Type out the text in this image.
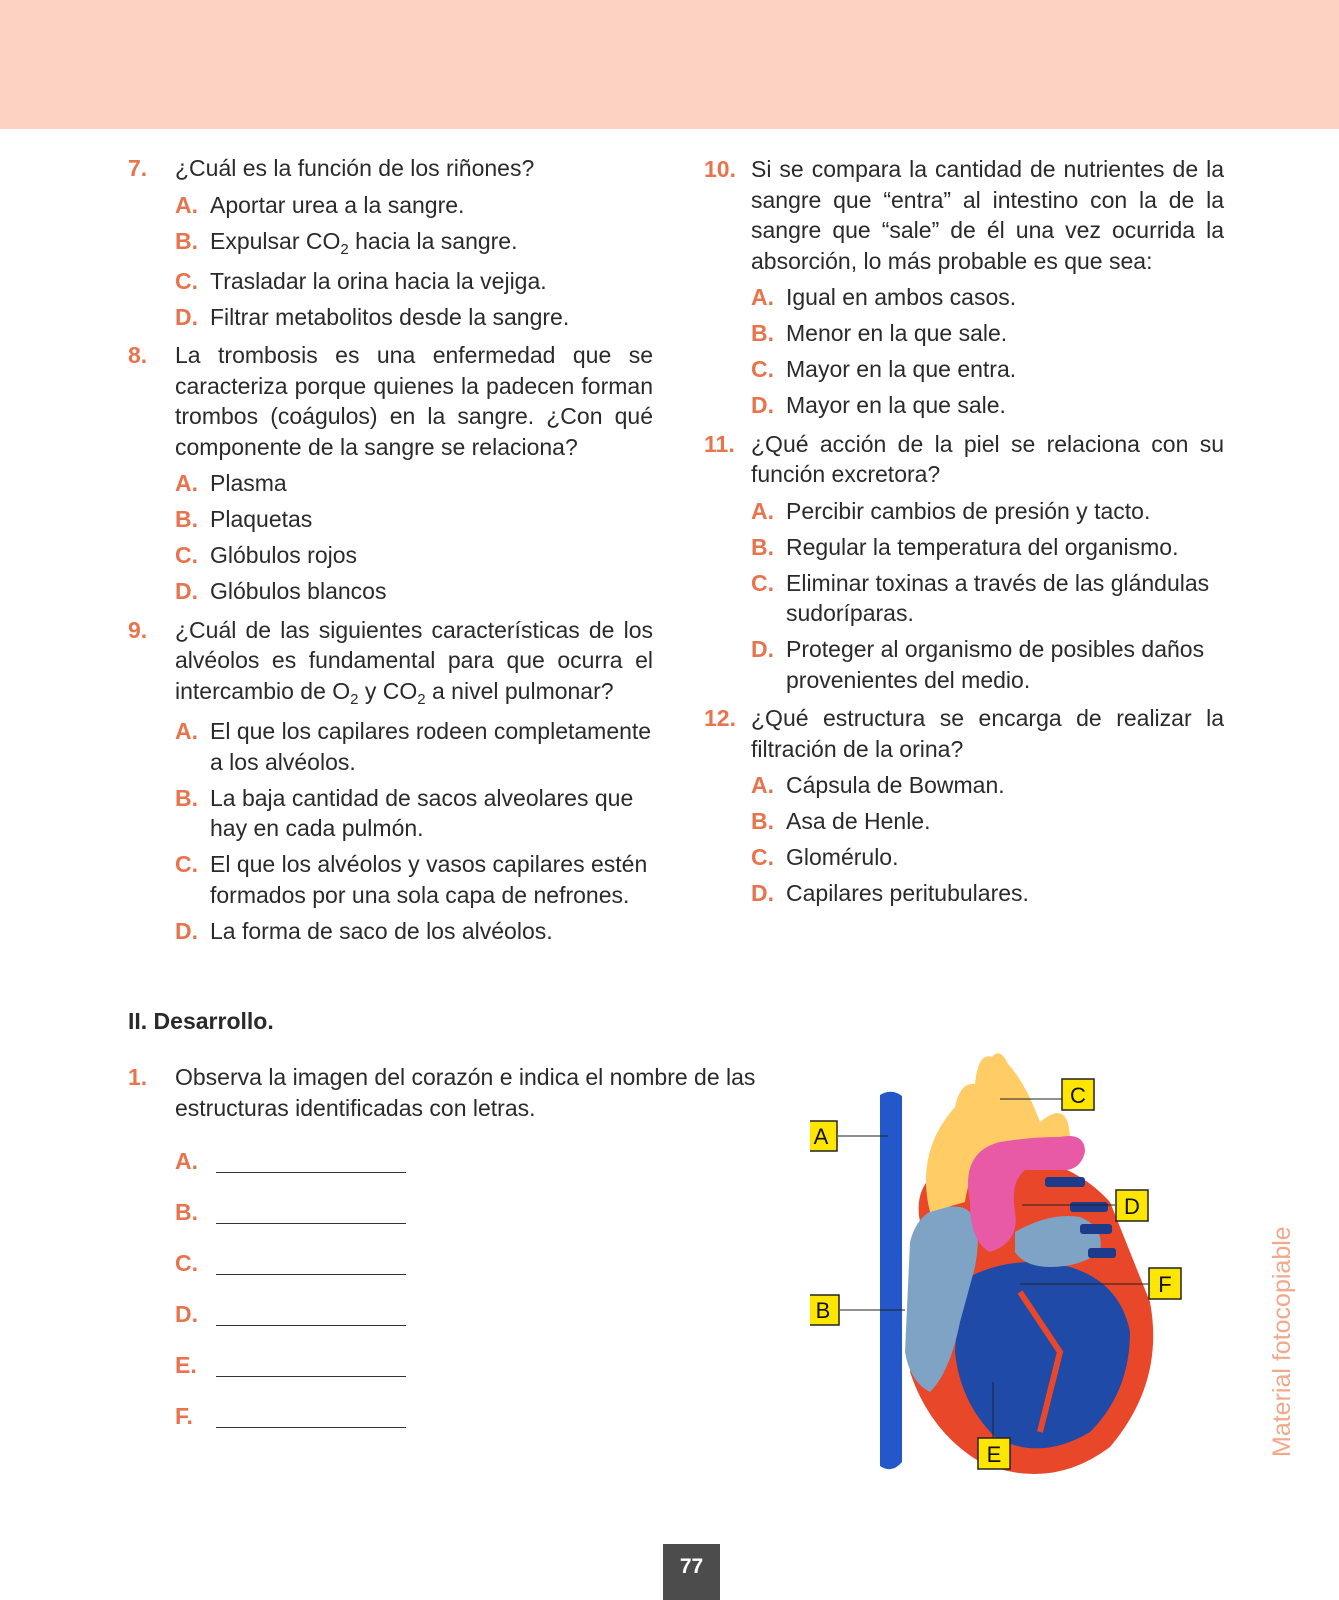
7. ¿Cuál es la función de los riñones?
A. Aportar urea a la sangre.
B. Expulsar $CO_2$ hacia la sangre.
C. Trasladar la orina hacia la vejiga.
D. Filtrar metabolitos desde la sangre.
8. La trombosis es una enfermedad que se caracteriza porque quienes la padecen forman trombos (coágulos) en la sangre. ¿Con qué componente de la sangre se relaciona?
A. Plasma
B. Plaquetas
C. Glóbulos rojos
D. Glóbulos blancos
9. ¿Cuál de las siguientes características de los alvéolos es fundamental para que ocurra el intercambio de $O_2$ y $CO_2$ a nivel pulmonar?
A. El que los capilares rodeen completamente a los alvéolos.
B. La baja cantidad de sacos alveolares que hay en cada pulmón.
C. El que los alvéolos y vasos capilares estén formados por una sola capa de nefrones.
D. La forma de saco de los alvéolos.
10. Si se compara la cantidad de nutrientes de la sangre que “entra” al intestino con la de la sangre que “sale” de él una vez ocurrida la absorción, lo más probable es que sea:
A. Igual en ambos casos.
B. Menor en la que sale.
C. Mayor en la que entra.
D. Mayor en la que sale.
11. ¿Qué acción de la piel se relaciona con su función excretora?
A. Percibir cambios de presión y tacto.
B. Regular la temperatura del organismo.
C. Eliminar toxinas a través de las glándulas sudoríparas.
D. Proteger al organismo de posibles daños provenientes del medio.
12. ¿Qué estructura se encarga de realizar la filtración de la orina?
A. Cápsula de Bowman.
B. Asa de Henle.
C. Glomérulo.
D. Capilares peritubulares.
II. Desarrollo.
1. Observa la imagen del corazón e indica el nombre de las estructuras identificadas con letras.
A.
B.
C.
D.
E.
F.
A
B
C
D
F
E	Material fotocopiable
77
